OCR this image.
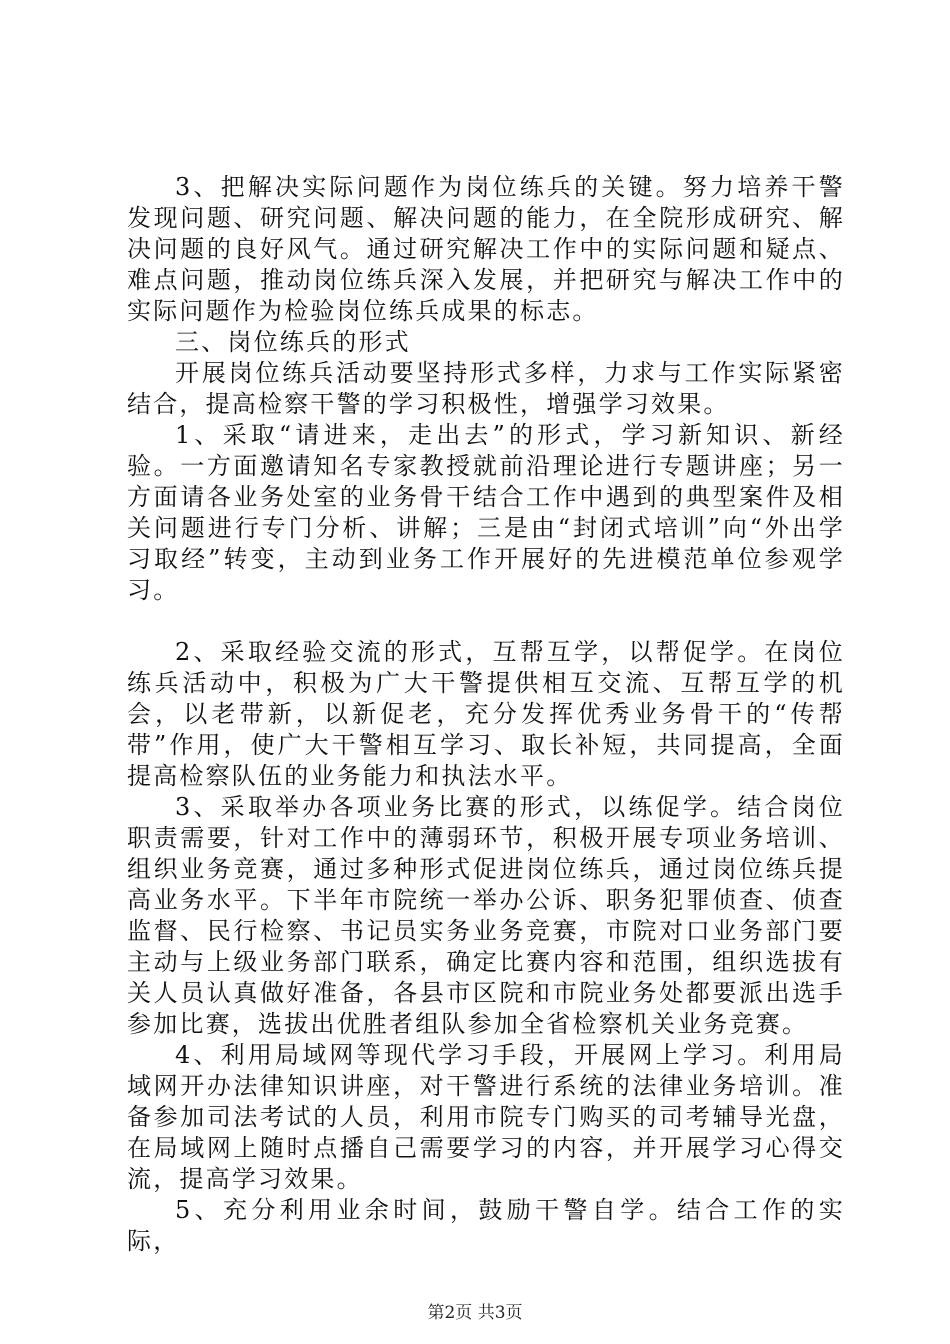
3、把解决实际问题作为岗位练兵的关键。努力培养干警发现问题、研究问题、解决问题的能力，在全院形成研究、解决问题的良好风气。通过研究解决工作中的实际问题和疑点、难点问题，推动岗位练兵深入发展，并把研究与解决工作中的实际问题作为检验岗位练兵成果的标志。

三、岗位练兵的形式

开展岗位练兵活动要坚持形式多样，力求与工作实际紧密结合，提高检察干警的学习积极性，增强学习效果。

1、采取“请进来，走出去”的形式，学习新知识、新经验。一方面邀请知名专家教授就前沿理论进行专题讲座；另一方面请各业务处室的业务骨干结合工作中遇到的典型案件及相关问题进行专门分析、讲解；三是由“封闭式培训”向“外出学习取经”转变，主动到业务工作开展好的先进模范单位参观学习。

2、采取经验交流的形式，互帮互学，以帮促学。在岗位练兵活动中，积极为广大干警提供相互交流、互帮互学的机会，以老带新，以新促老，充分发挥优秀业务骨干的“传帮带”作用，使广大干警相互学习、取长补短，共同提高，全面提高检察队伍的业务能力和执法水平。

3、采取举办各项业务比赛的形式，以练促学。结合岗位职责需要，针对工作中的薄弱环节，积极开展专项业务培训、组织业务竞赛，通过多种形式促进岗位练兵，通过岗位练兵提高业务水平。下半年市院统一举办公诉、职务犯罪侦查、侦查监督、民行检察、书记员实务业务竞赛，市院对口业务部门要主动与上级业务部门联系，确定比赛内容和范围，组织选拔有关人员认真做好准备，各县市区院和市院业务处都要派出选手参加比赛，选拔出优胜者组队参加全省检察机关业务竞赛。

4、利用局域网等现代学习手段，开展网上学习。利用局域网开办法律知识讲座，对干警进行系统的法律业务培训。准备参加司法考试的人员，利用市院专门购买的司考辅导光盘，在局域网上随时点播自己需要学习的内容，并开展学习心得交流，提高学习效果。

5、充分利用业余时间，鼓励干警自学。结合工作的实际，

第2页 共3页
